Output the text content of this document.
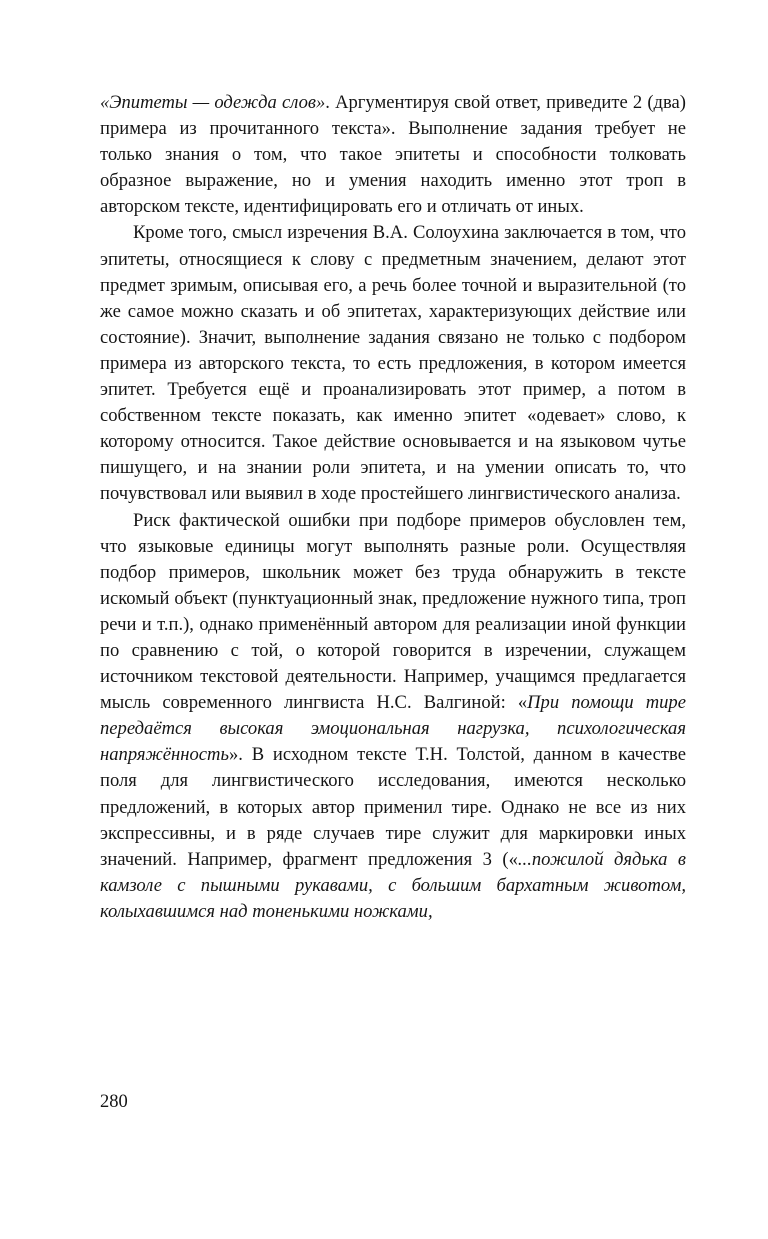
«Эпитеты — одежда слов». Аргументируя свой ответ, приведите 2 (два) примера из прочитанного текста». Выполнение задания требует не только знания о том, что такое эпитеты и способности толковать образное выражение, но и умения находить именно этот троп в авторском тексте, идентифицировать его и отличать от иных.

Кроме того, смысл изречения В.А. Солоухина заключается в том, что эпитеты, относящиеся к слову с предметным значением, делают этот предмет зримым, описывая его, а речь более точной и выразительной (то же самое можно сказать и об эпитетах, характеризующих действие или состояние). Значит, выполнение задания связано не только с подбором примера из авторского текста, то есть предложения, в котором имеется эпитет. Требуется ещё и проанализировать этот пример, а потом в собственном тексте показать, как именно эпитет «одевает» слово, к которому относится. Такое действие основывается и на языковом чутье пишущего, и на знании роли эпитета, и на умении описать то, что почувствовал или выявил в ходе простейшего лингвистического анализа.

Риск фактической ошибки при подборе примеров обусловлен тем, что языковые единицы могут выполнять разные роли. Осуществляя подбор примеров, школьник может без труда обнаружить в тексте искомый объект (пунктуационный знак, предложение нужного типа, троп речи и т.п.), однако применённый автором для реализации иной функции по сравнению с той, о которой говорится в изречении, служащем источником текстовой деятельности. Например, учащимся предлагается мысль современного лингвиста Н.С. Валгиной: «При помощи тире передаётся высокая эмоциональная нагрузка, психологическая напряжённость». В исходном тексте Т.Н. Толстой, данном в качестве поля для лингвистического исследования, имеются несколько предложений, в которых автор применил тире. Однако не все из них экспрессивны, и в ряде случаев тире служит для маркировки иных значений. Например, фрагмент предложения 3 («...пожилой дядька в камзоле с пышными рукавами, с большим бархатным животом, колыхавшимся над тоненькими ножками,

280
